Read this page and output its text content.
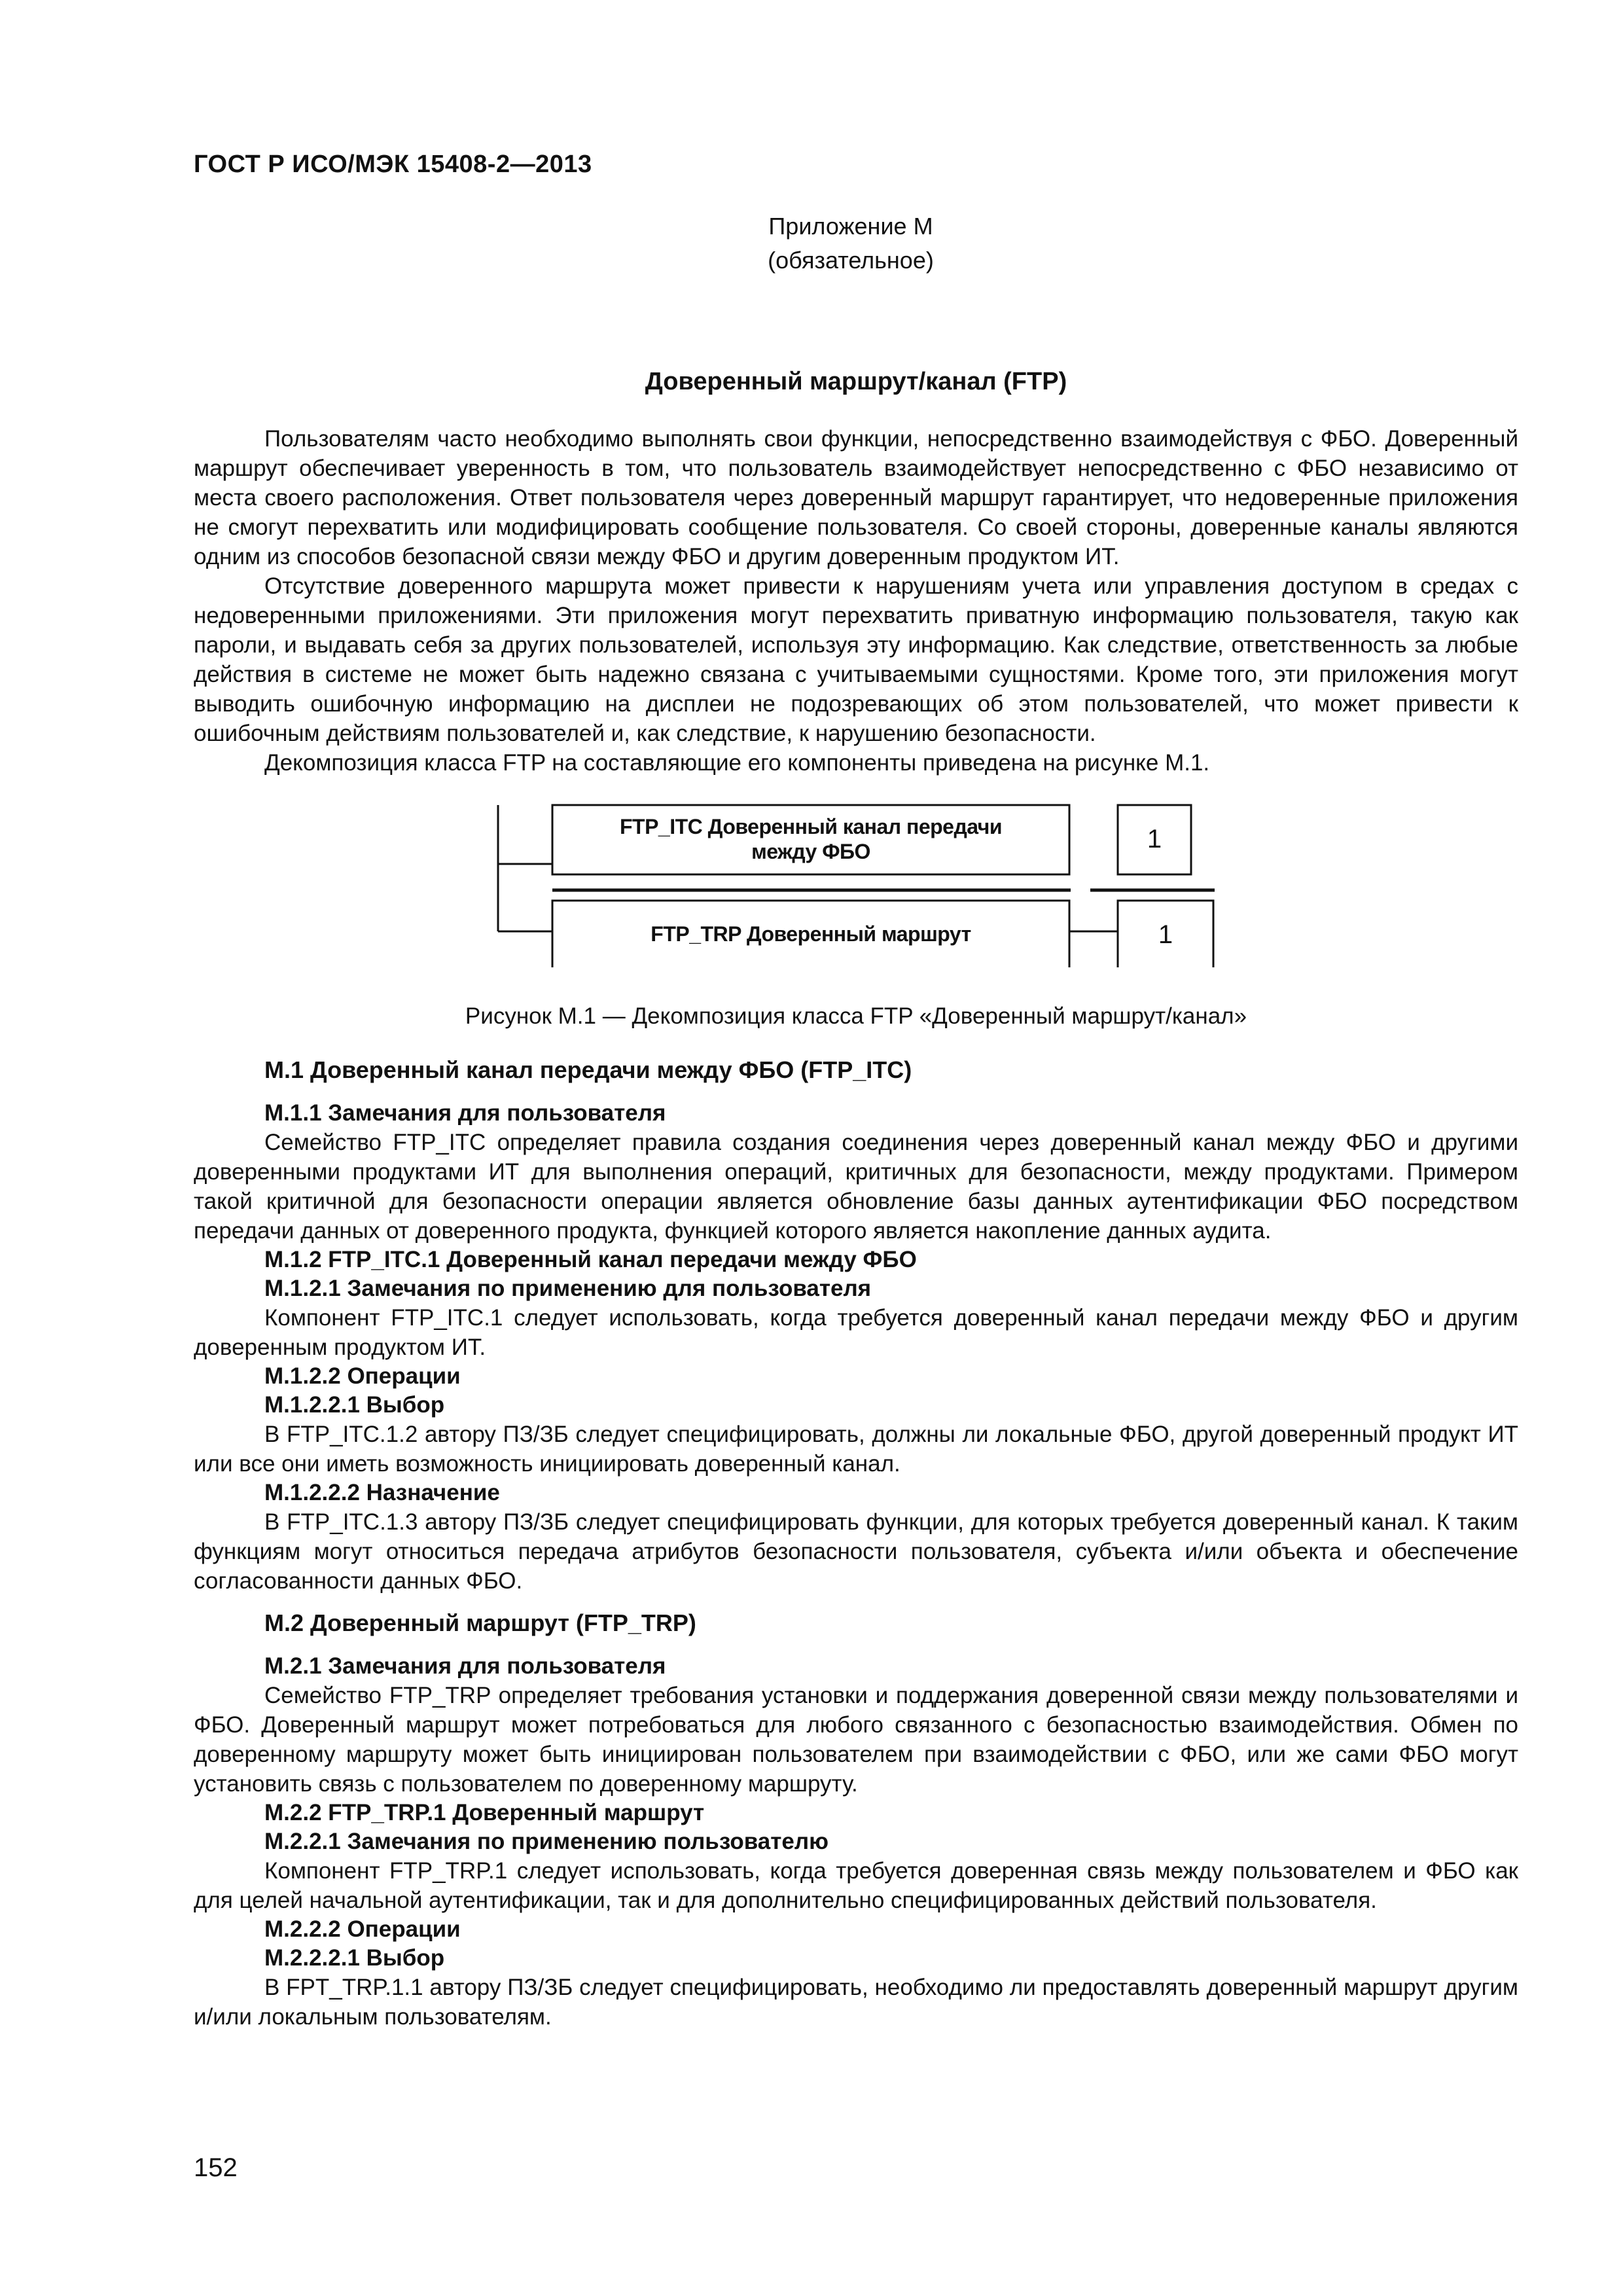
ГОСТ Р ИСО/МЭК 15408-2—2013
Приложение М
(обязательное)
Доверенный маршрут/канал (FTP)

Пользователям часто необходимо выполнять свои функции, непосредственно взаимодействуя с ФБО. Доверенный маршрут обеспечивает уверенность в том, что пользователь взаимодействует непосредственно с ФБО независимо от места своего расположения. Ответ пользователя через доверенный маршрут гарантирует, что недоверенные приложения не смогут перехватить или модифицировать сообщение пользователя. Со своей стороны, доверенные каналы являются одним из способов безопасной связи между ФБО и другим доверенным продуктом ИТ.

Отсутствие доверенного маршрута может привести к нарушениям учета или управления доступом в средах с недоверенными приложениями. Эти приложения могут перехватить приватную информацию пользователя, такую как пароли, и выдавать себя за других пользователей, используя эту информацию. Как следствие, ответственность за любые действия в системе не может быть надежно связана с учитываемыми сущностями. Кроме того, эти приложения могут выводить ошибочную информацию на дисплеи не подозревающих об этом пользователей, что может привести к ошибочным действиям пользователей и, как следствие, к нарушению безопасности.

Декомпозиция класса FTP на составляющие его компоненты приведена на рисунке М.1.

FTP_ITC Доверенный канал передачи
между ФБО	1
FTP_TRP Доверенный маршрут	1
Рисунок М.1 — Декомпозиция класса FTP «Доверенный маршрут/канал»
М.1 Доверенный канал передачи между ФБО (FTP_ITC)
М.1.1 Замечания для пользователя

Семейство FTP_ITC определяет правила создания соединения через доверенный канал между ФБО и другими доверенными продуктами ИТ для выполнения операций, критичных для безопасности, между продуктами. Примером такой критичной для безопасности операции является обновление базы данных аутентификации ФБО посредством передачи данных от доверенного продукта, функцией которого является накопление данных аудита.

М.1.2 FTP_ITC.1 Доверенный канал передачи между ФБО
М.1.2.1 Замечания по применению для пользователя

Компонент FTP_ITC.1 следует использовать, когда требуется доверенный канал передачи между ФБО и другим доверенным продуктом ИТ.

М.1.2.2 Операции
М.1.2.2.1 Выбор

В FTP_ITC.1.2 автору ПЗ/ЗБ следует специфицировать, должны ли локальные ФБО, другой доверенный продукт ИТ или все они иметь возможность инициировать доверенный канал.

М.1.2.2.2 Назначение

В FTP_ITC.1.3 автору ПЗ/ЗБ следует специфицировать функции, для которых требуется доверенный канал. К таким функциям могут относиться передача атрибутов безопасности пользователя, субъекта и/или объекта и обеспечение согласованности данных ФБО.

М.2 Доверенный маршрут (FTP_TRP)
М.2.1 Замечания для пользователя

Семейство FTP_TRP определяет требования установки и поддержания доверенной связи между пользователями и ФБО. Доверенный маршрут может потребоваться для любого связанного с безопасностью взаимодействия. Обмен по доверенному маршруту может быть инициирован пользователем при взаимодействии с ФБО, или же сами ФБО могут установить связь с пользователем по доверенному маршруту.

М.2.2 FTP_TRP.1 Доверенный маршрут
М.2.2.1 Замечания по применению пользователю

Компонент FTP_TRP.1 следует использовать, когда требуется доверенная связь между пользователем и ФБО как для целей начальной аутентификации, так и для дополнительно специфицированных действий пользователя.

М.2.2.2 Операции
М.2.2.2.1 Выбор

В FPT_TRP.1.1 автору ПЗ/ЗБ следует специфицировать, необходимо ли предоставлять доверенный маршрут другим и/или локальным пользователям.

152
